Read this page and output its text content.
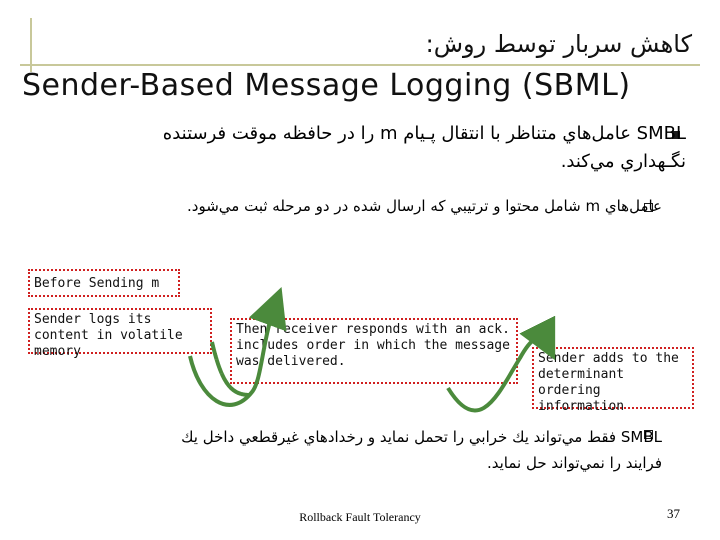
كاهش سربار توسط روش:
Sender-Based Message Logging (SBML)
SMBL عامل‌هاي متناظر با انتقال پـيام m را در حافظه موقت فرستنده
نگـهداري مي‌كند.
عامل‌هاي m شامل محتوا و ترتيبي كه ارسال شده در دو مرحله ثبت مي‌شود.
Before Sending m
Sender logs its content in volatile memory
Then receiver responds with an ack. includes order in which the message was delivered.	Sender adds to the determinant ordering information
SMBL فقط مي‌تواند يك خرابي را تحمل نمايد و رخدادهاي غيرقطعي داخل يك
فرايند را نمي‌تواند حل نمايد.
Rollback Fault Tolerancy	37
